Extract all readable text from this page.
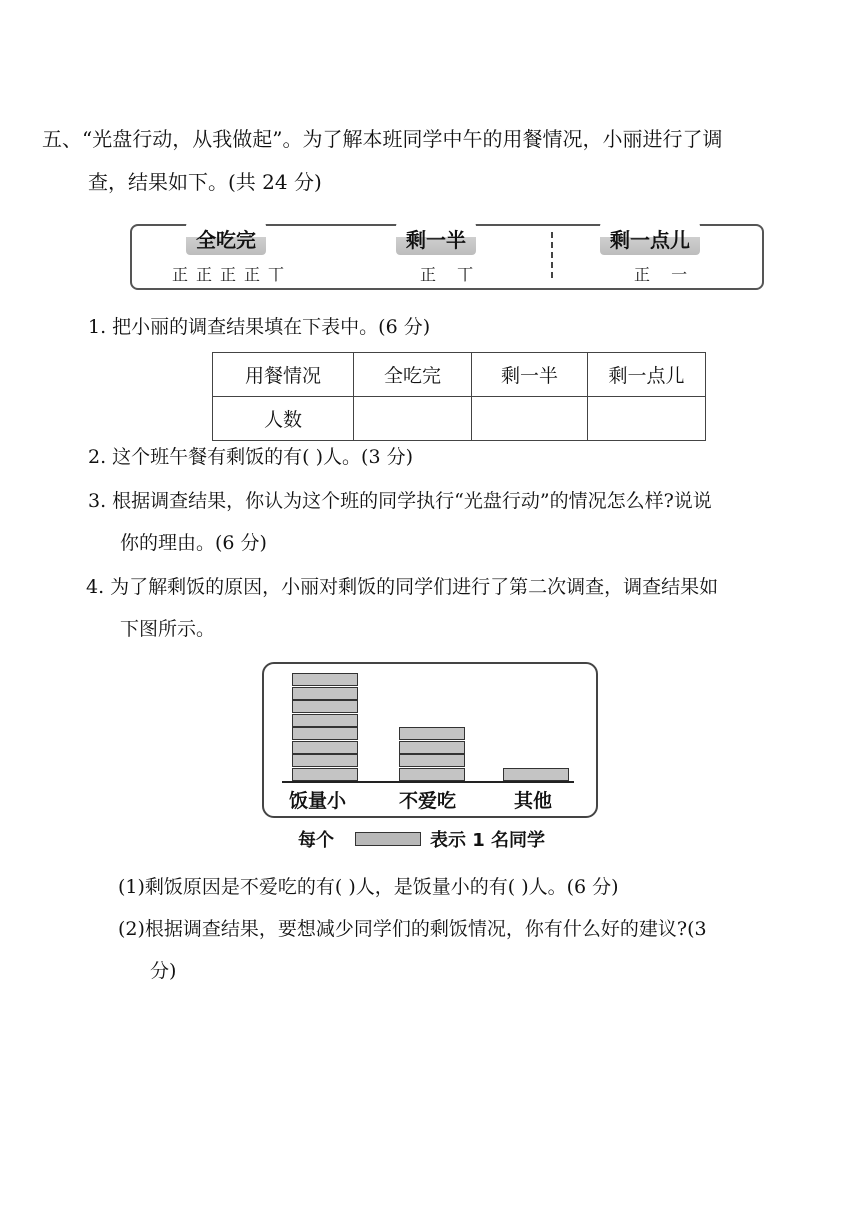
五、“光盘行动，从我做起”。为了解本班同学中午的用餐情况，小丽进行了调
查，结果如下。(共 24 分)
全吃完
正正正正丅
剩一半
正 丅
剩一点儿
正 一
1. 把小丽的调查结果填在下表中。(6 分)
用餐情况	全吃完	剩一半	剩一点儿
人数			
2. 这个班午餐有剩饭的有( )人。(3 分)
3. 根据调查结果，你认为这个班的同学执行“光盘行动”的情况怎么样?说说
你的理由。(6 分)
4. 为了解剩饭的原因，小丽对剩饭的同学们进行了第二次调查，调查结果如
下图所示。
饭量小	不爱吃	其他
每个	表示 1 名同学
(1)剩饭原因是不爱吃的有( )人，是饭量小的有( )人。(6 分)
(2)根据调查结果，要想减少同学们的剩饭情况，你有什么好的建议?(3
分)
